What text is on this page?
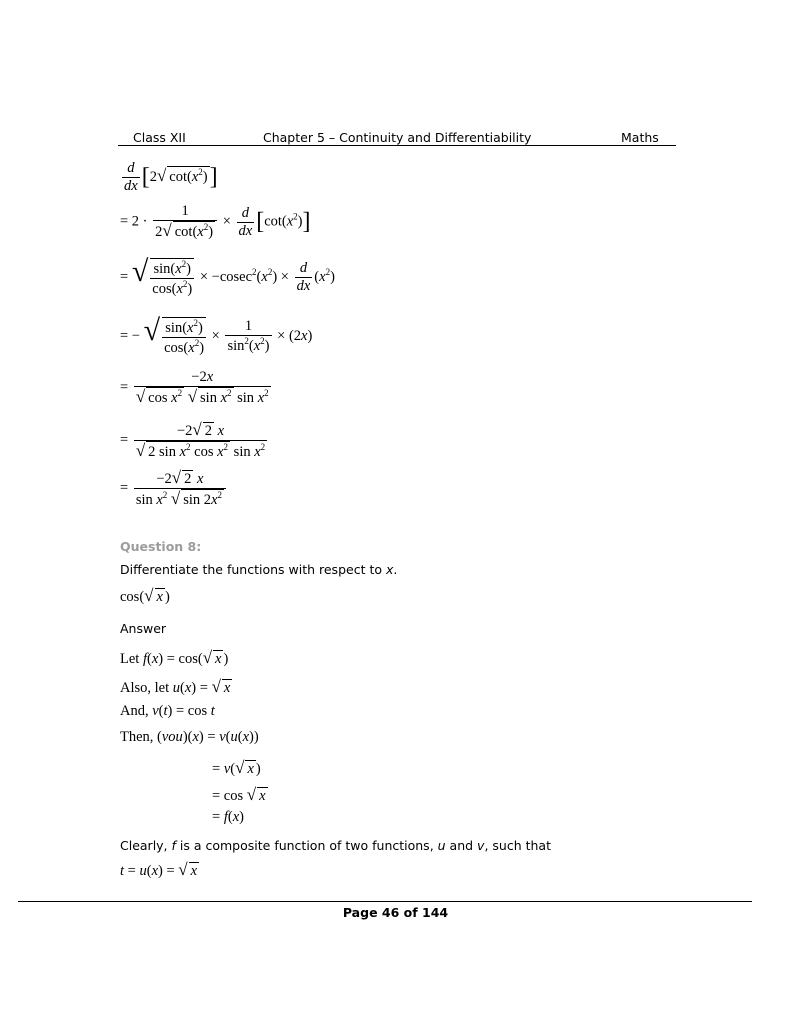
Class XII	Chapter 5 – Continuity and Differentiability	Maths
$\frac{d}{dx} [2√$ $\cot(x^2)$]
= $2 \cdot \frac{1}{2√ \cot(x^2)} \times \frac{d}{dx} [\cot(x^2)]$
= √ $\frac{\sin(x^2)}{\cos(x^2)} \times -cosec^2(x^2) \times \frac{d}{dx} (x^2)$
= − √ $\frac{\sin(x^2)}{\cos(x^2)} \times \frac{1}{\sin^2(x^2)} \times (2x)$
= $\frac{-2x}{√ \cos x^2 √ \sin x^2 \sin x^2}$
= $\frac{-2√ 2 x}{√ 2 \sin x^2 \cos x^2 \sin x^2}$
= $\frac{-2√ 2 x}{\sin x^2 √ \sin 2x^2}$
Question 8:
Differentiate the functions with respect to x.
cos(√ x )
Answer
Let f(x) = cos(√ x )
Also, let u(x) = √ x
And, v(t) = cos t
Then, (vou)(x) = v(u(x))
= v(√ x )
= cos √ x
= f(x)
Clearly, f is a composite function of two functions, u and v, such that
t = u(x) = √ x
Page 46 of 144
